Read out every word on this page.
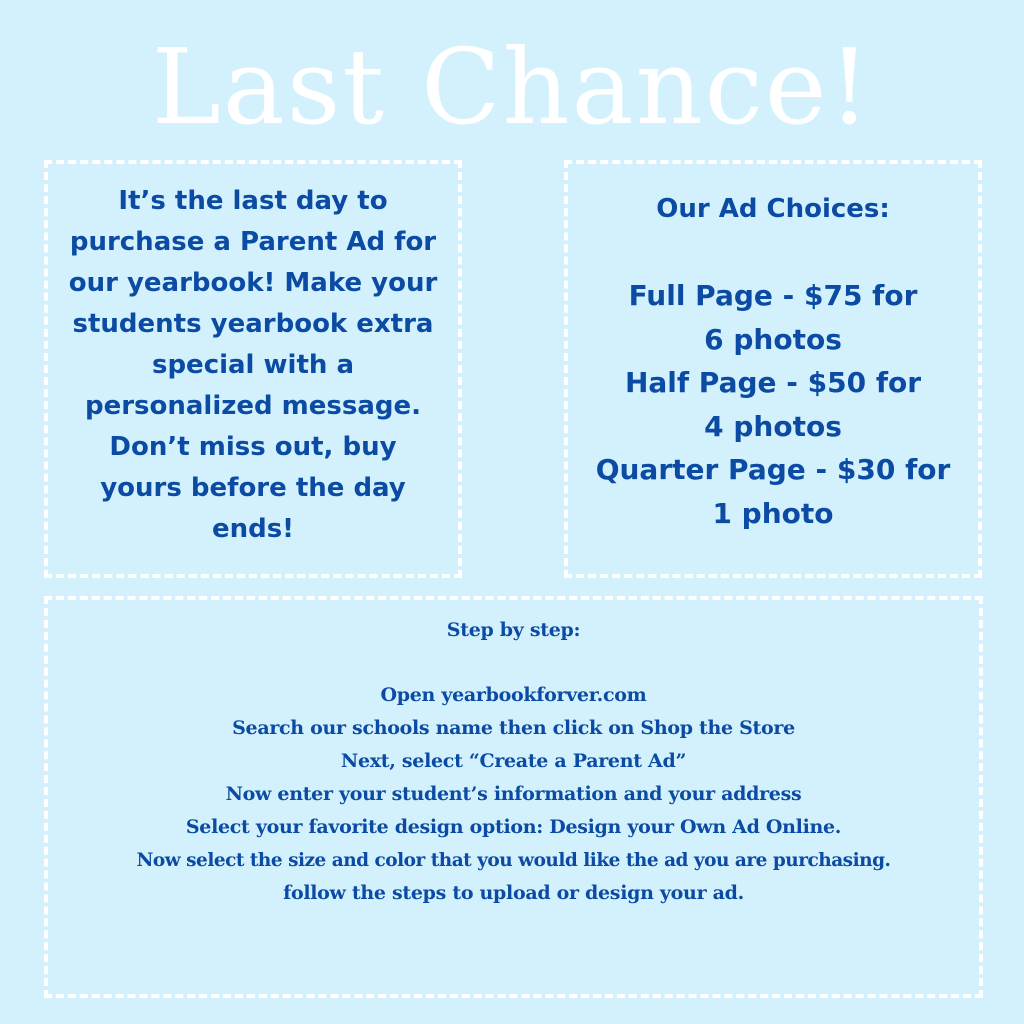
Last Chance!
It’s the last day to
purchase a Parent Ad for
our yearbook! Make your
students yearbook extra
special with a
personalized message.
Don’t miss out, buy
yours before the day
ends!
Our Ad Choices:
Full Page - $75 for
6 photos
Half Page - $50 for
4 photos
Quarter Page - $30 for
1 photo
Step by step:
Open yearbookforver.com
Search our schools name then click on Shop the Store
Next, select “Create a Parent Ad”
Now enter your student’s information and your address
Select your favorite design option: Design your Own Ad Online.
Now select the size and color that you would like the ad you are purchasing.
follow the steps to upload or design your ad.
